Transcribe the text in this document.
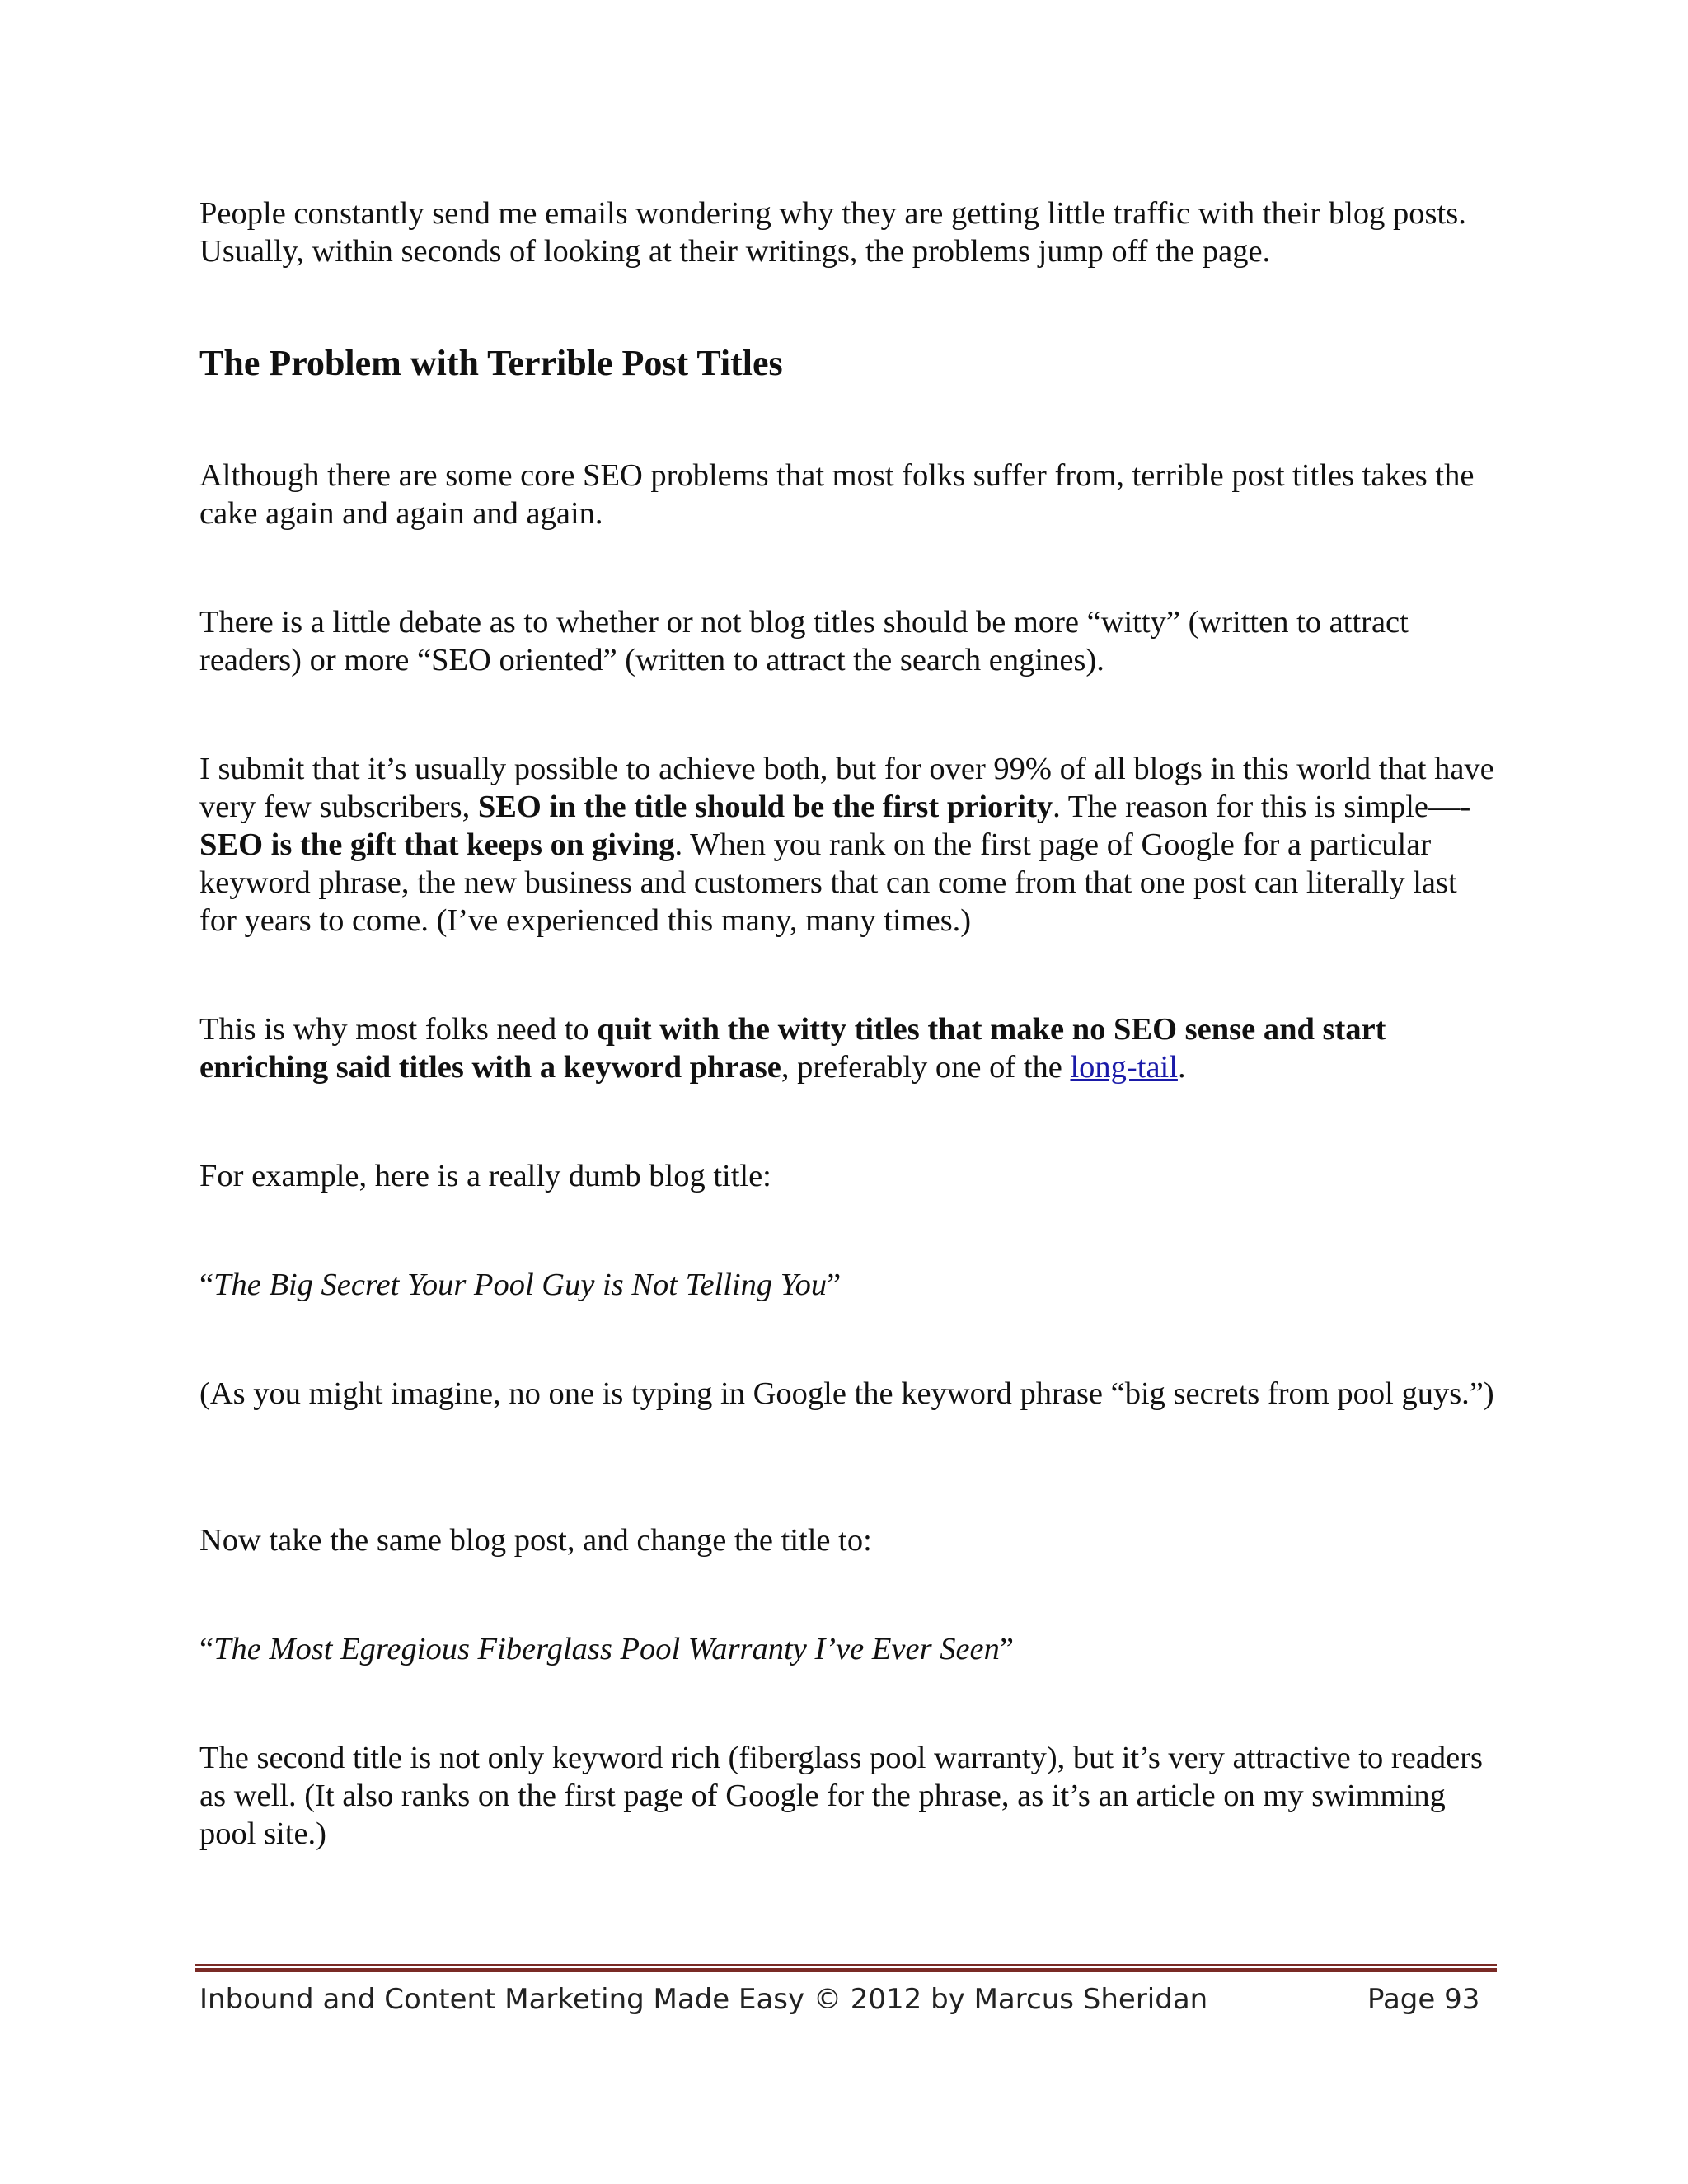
People constantly send me emails wondering why they are getting little traffic with their blog posts. Usually, within seconds of looking at their writings, the problems jump off the page.

The Problem with Terrible Post Titles

Although there are some core SEO problems that most folks suffer from, terrible post titles takes the cake again and again and again.

There is a little debate as to whether or not blog titles should be more “witty” (written to attract readers) or more “SEO oriented” (written to attract the search engines).

I submit that it’s usually possible to achieve both, but for over 99% of all blogs in this world that have very few subscribers, SEO in the title should be the first priority. The reason for this is simple—-SEO is the gift that keeps on giving. When you rank on the first page of Google for a particular keyword phrase, the new business and customers that can come from that one post can literally last for years to come. (I’ve experienced this many, many times.)

This is why most folks need to quit with the witty titles that make no SEO sense and start enriching said titles with a keyword phrase, preferably one of the long-tail.

For example, here is a really dumb blog title:

“The Big Secret Your Pool Guy is Not Telling You”

(As you might imagine, no one is typing in Google the keyword phrase “big secrets from pool guys.”)

Now take the same blog post, and change the title to:

“The Most Egregious Fiberglass Pool Warranty I’ve Ever Seen”

The second title is not only keyword rich (fiberglass pool warranty), but it’s very attractive to readers as well. (It also ranks on the first page of Google for the phrase, as it’s an article on my swimming pool site.)

Inbound and Content Marketing Made Easy © 2012 by Marcus Sheridan	Page 93
